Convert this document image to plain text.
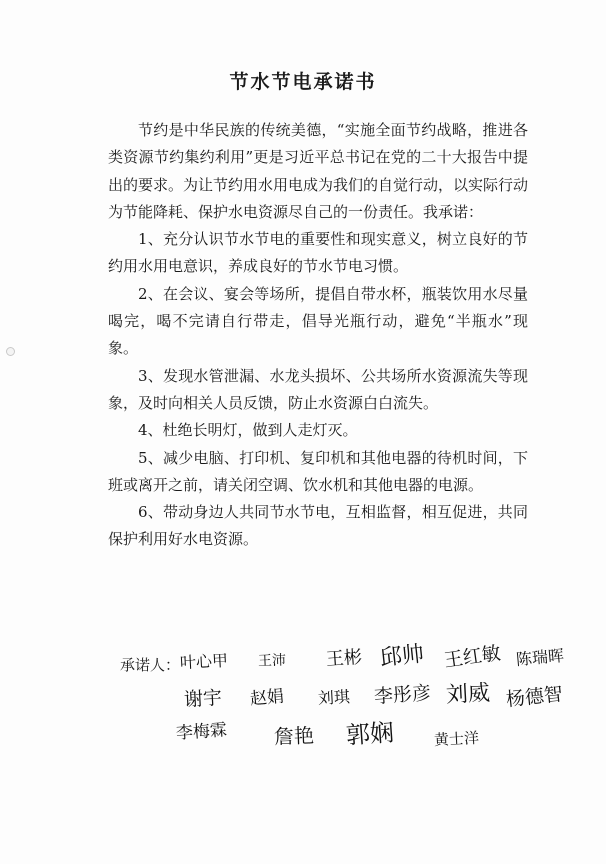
节水节电承诺书

节约是中华民族的传统美德，“实施全面节约战略，推进各类资源节约集约利用”更是习近平总书记在党的二十大报告中提出的要求。为让节约用水用电成为我们的自觉行动，以实际行动为节能降耗、保护水电资源尽自己的一份责任。我承诺：

1、充分认识节水节电的重要性和现实意义，树立良好的节约用水用电意识，养成良好的节水节电习惯。

2、在会议、宴会等场所，提倡自带水杯，瓶装饮用水尽量喝完，喝不完请自行带走，倡导光瓶行动，避免“半瓶水”现象。

3、发现水管泄漏、水龙头损坏、公共场所水资源流失等现象，及时向相关人员反馈，防止水资源白白流失。

4、杜绝长明灯，做到人走灯灭。

5、减少电脑、打印机、复印机和其他电器的待机时间，下班或离开之前，请关闭空调、饮水机和其他电器的电源。

6、带动身边人共同节水节电，互相监督，相互促进，共同保护利用好水电资源。

承诺人： 叶心甲 王沛 王彬 邱帅 王红敏 陈瑞晖
谢宇 赵娟 刘琪 李彤彦 刘威 杨德智
李梅霖 詹艳 郭娴	黄士洋
